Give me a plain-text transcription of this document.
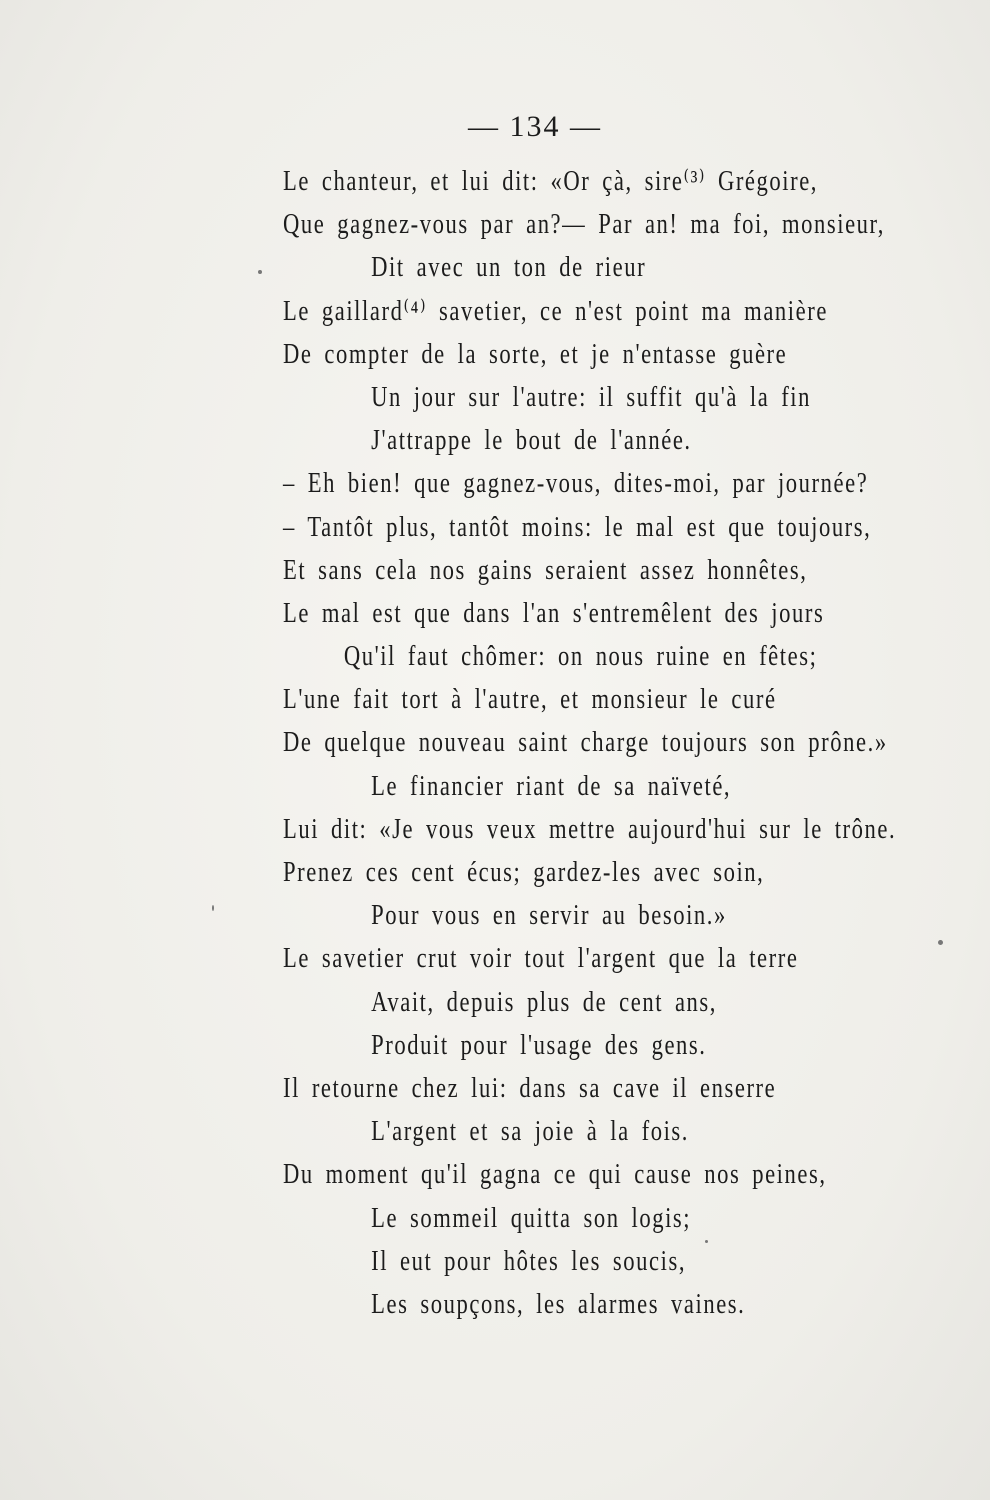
— 134 —
Le chanteur, et lui dit: «Or çà, sire⁽³⁾ Grégoire,
Que gagnez-vous par an?— Par an! ma foi, monsieur,
Dit avec un ton de rieur
Le gaillard⁽⁴⁾ savetier, ce n'est point ma manière
De compter de la sorte, et je n'entasse guère
Un jour sur l'autre: il suffit qu'à la fin
J'attrappe le bout de l'année.
– Eh bien! que gagnez-vous, dites-moi, par journée?
– Tantôt plus, tantôt moins: le mal est que toujours,
Et sans cela nos gains seraient assez honnêtes,
Le mal est que dans l'an s'entremêlent des jours
Qu'il faut chômer: on nous ruine en fêtes;
L'une fait tort à l'autre, et monsieur le curé
De quelque nouveau saint charge toujours son prône.»
Le financier riant de sa naïveté,
Lui dit: «Je vous veux mettre aujourd'hui sur le trône.
Prenez ces cent écus; gardez-les avec soin,
Pour vous en servir au besoin.»
Le savetier crut voir tout l'argent que la terre
Avait, depuis plus de cent ans,
Produit pour l'usage des gens.
Il retourne chez lui: dans sa cave il enserre
L'argent et sa joie à la fois.
Du moment qu'il gagna ce qui cause nos peines,
Le sommeil quitta son logis;
Il eut pour hôtes les soucis,
Les soupçons, les alarmes vaines.
